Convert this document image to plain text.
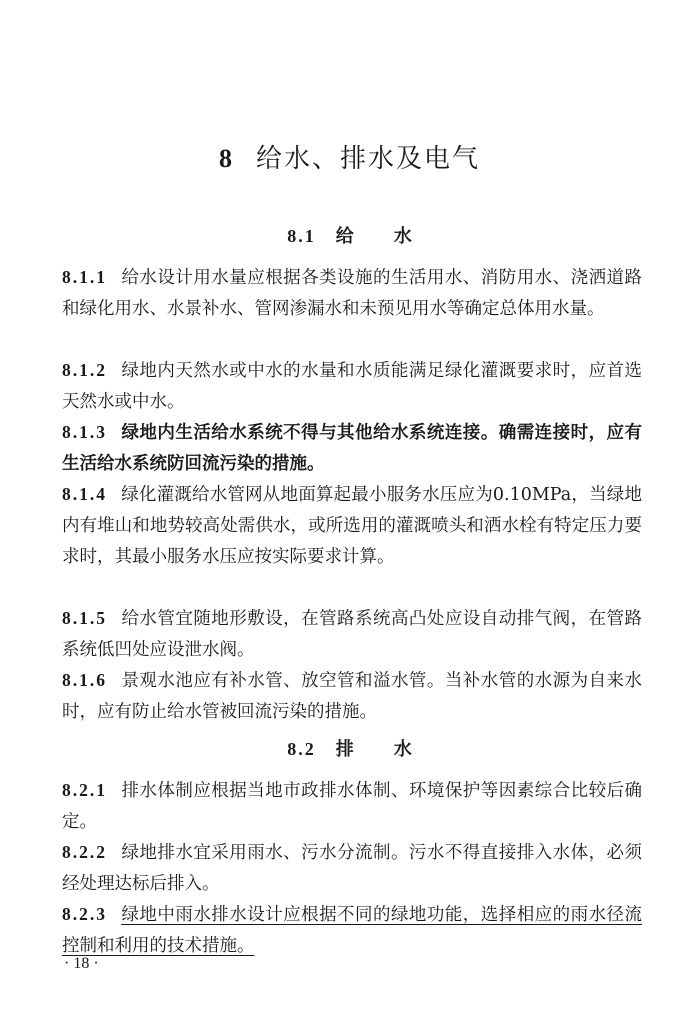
8 给水、排水及电气
8.1 给水
8.1.1 给水设计用水量应根据各类设施的生活用水、消防用水、浇洒道路和绿化用水、水景补水、管网渗漏水和未预见用水等确定总体用水量。
8.1.2 绿地内天然水或中水的水量和水质能满足绿化灌溉要求时，应首选天然水或中水。
8.1.3 绿地内生活给水系统不得与其他给水系统连接。确需连接时，应有生活给水系统防回流污染的措施。
8.1.4 绿化灌溉给水管网从地面算起最小服务水压应为0.10MPa，当绿地内有堆山和地势较高处需供水，或所选用的灌溉喷头和洒水栓有特定压力要求时，其最小服务水压应按实际要求计算。
8.1.5 给水管宜随地形敷设，在管路系统高凸处应设自动排气阀，在管路系统低凹处应设泄水阀。
8.1.6 景观水池应有补水管、放空管和溢水管。当补水管的水源为自来水时，应有防止给水管被回流污染的措施。
8.2 排水
8.2.1 排水体制应根据当地市政排水体制、环境保护等因素综合比较后确定。
8.2.2 绿地排水宜采用雨水、污水分流制。污水不得直接排入水体，必须经处理达标后排入。
8.2.3 绿地中雨水排水设计应根据不同的绿地功能，选择相应的雨水径流控制和利用的技术措施。
· 18 ·
